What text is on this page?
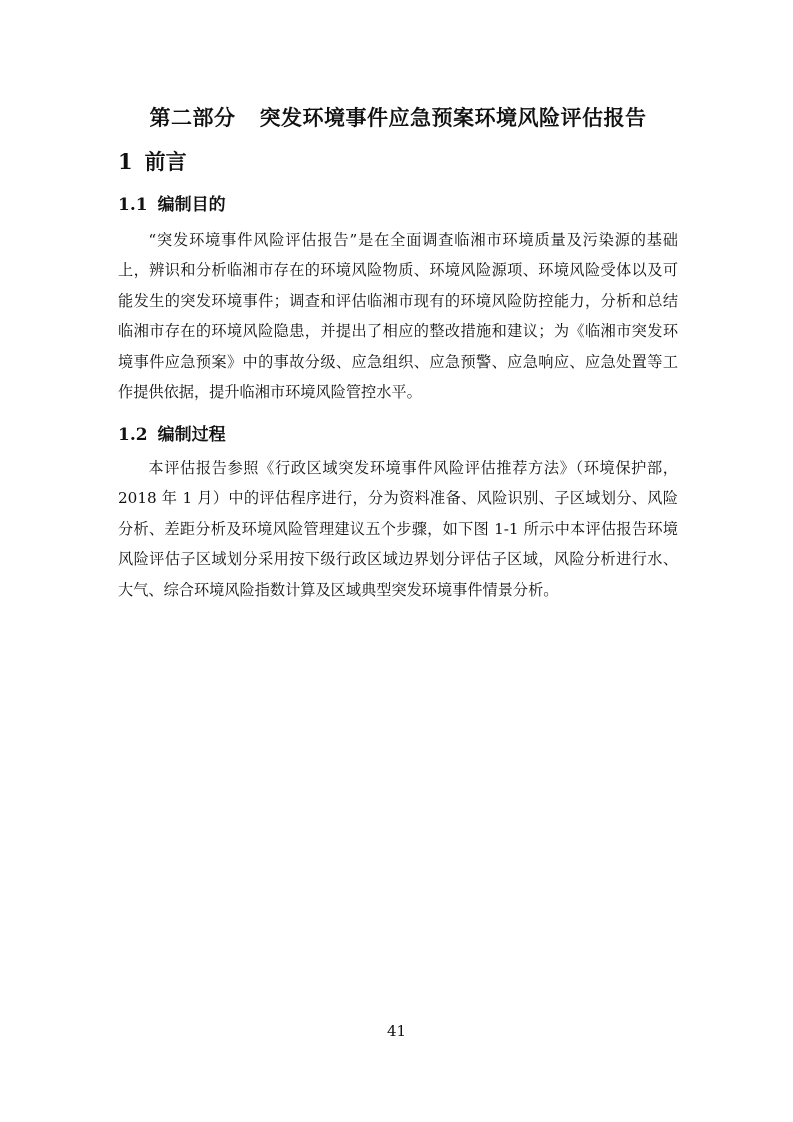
第二部分 突发环境事件应急预案环境风险评估报告
1 前言
1.1 编制目的

“突发环境事件风险评估报告”是在全面调查临湘市环境质量及污染源的基础上，辨识和分析临湘市存在的环境风险物质、环境风险源项、环境风险受体以及可能发生的突发环境事件；调查和评估临湘市现有的环境风险防控能力，分析和总结临湘市存在的环境风险隐患，并提出了相应的整改措施和建议；为《临湘市突发环境事件应急预案》中的事故分级、应急组织、应急预警、应急响应、应急处置等工作提供依据，提升临湘市环境风险管控水平。

1.2 编制过程

本评估报告参照《行政区域突发环境事件风险评估推荐方法》（环境保护部，2018 年 1 月）中的评估程序进行，分为资料准备、风险识别、子区域划分、风险分析、差距分析及环境风险管理建议五个步骤，如下图 1-1 所示中本评估报告环境风险评估子区域划分采用按下级行政区域边界划分评估子区域，风险分析进行水、大气、综合环境风险指数计算及区域典型突发环境事件情景分析。

41
